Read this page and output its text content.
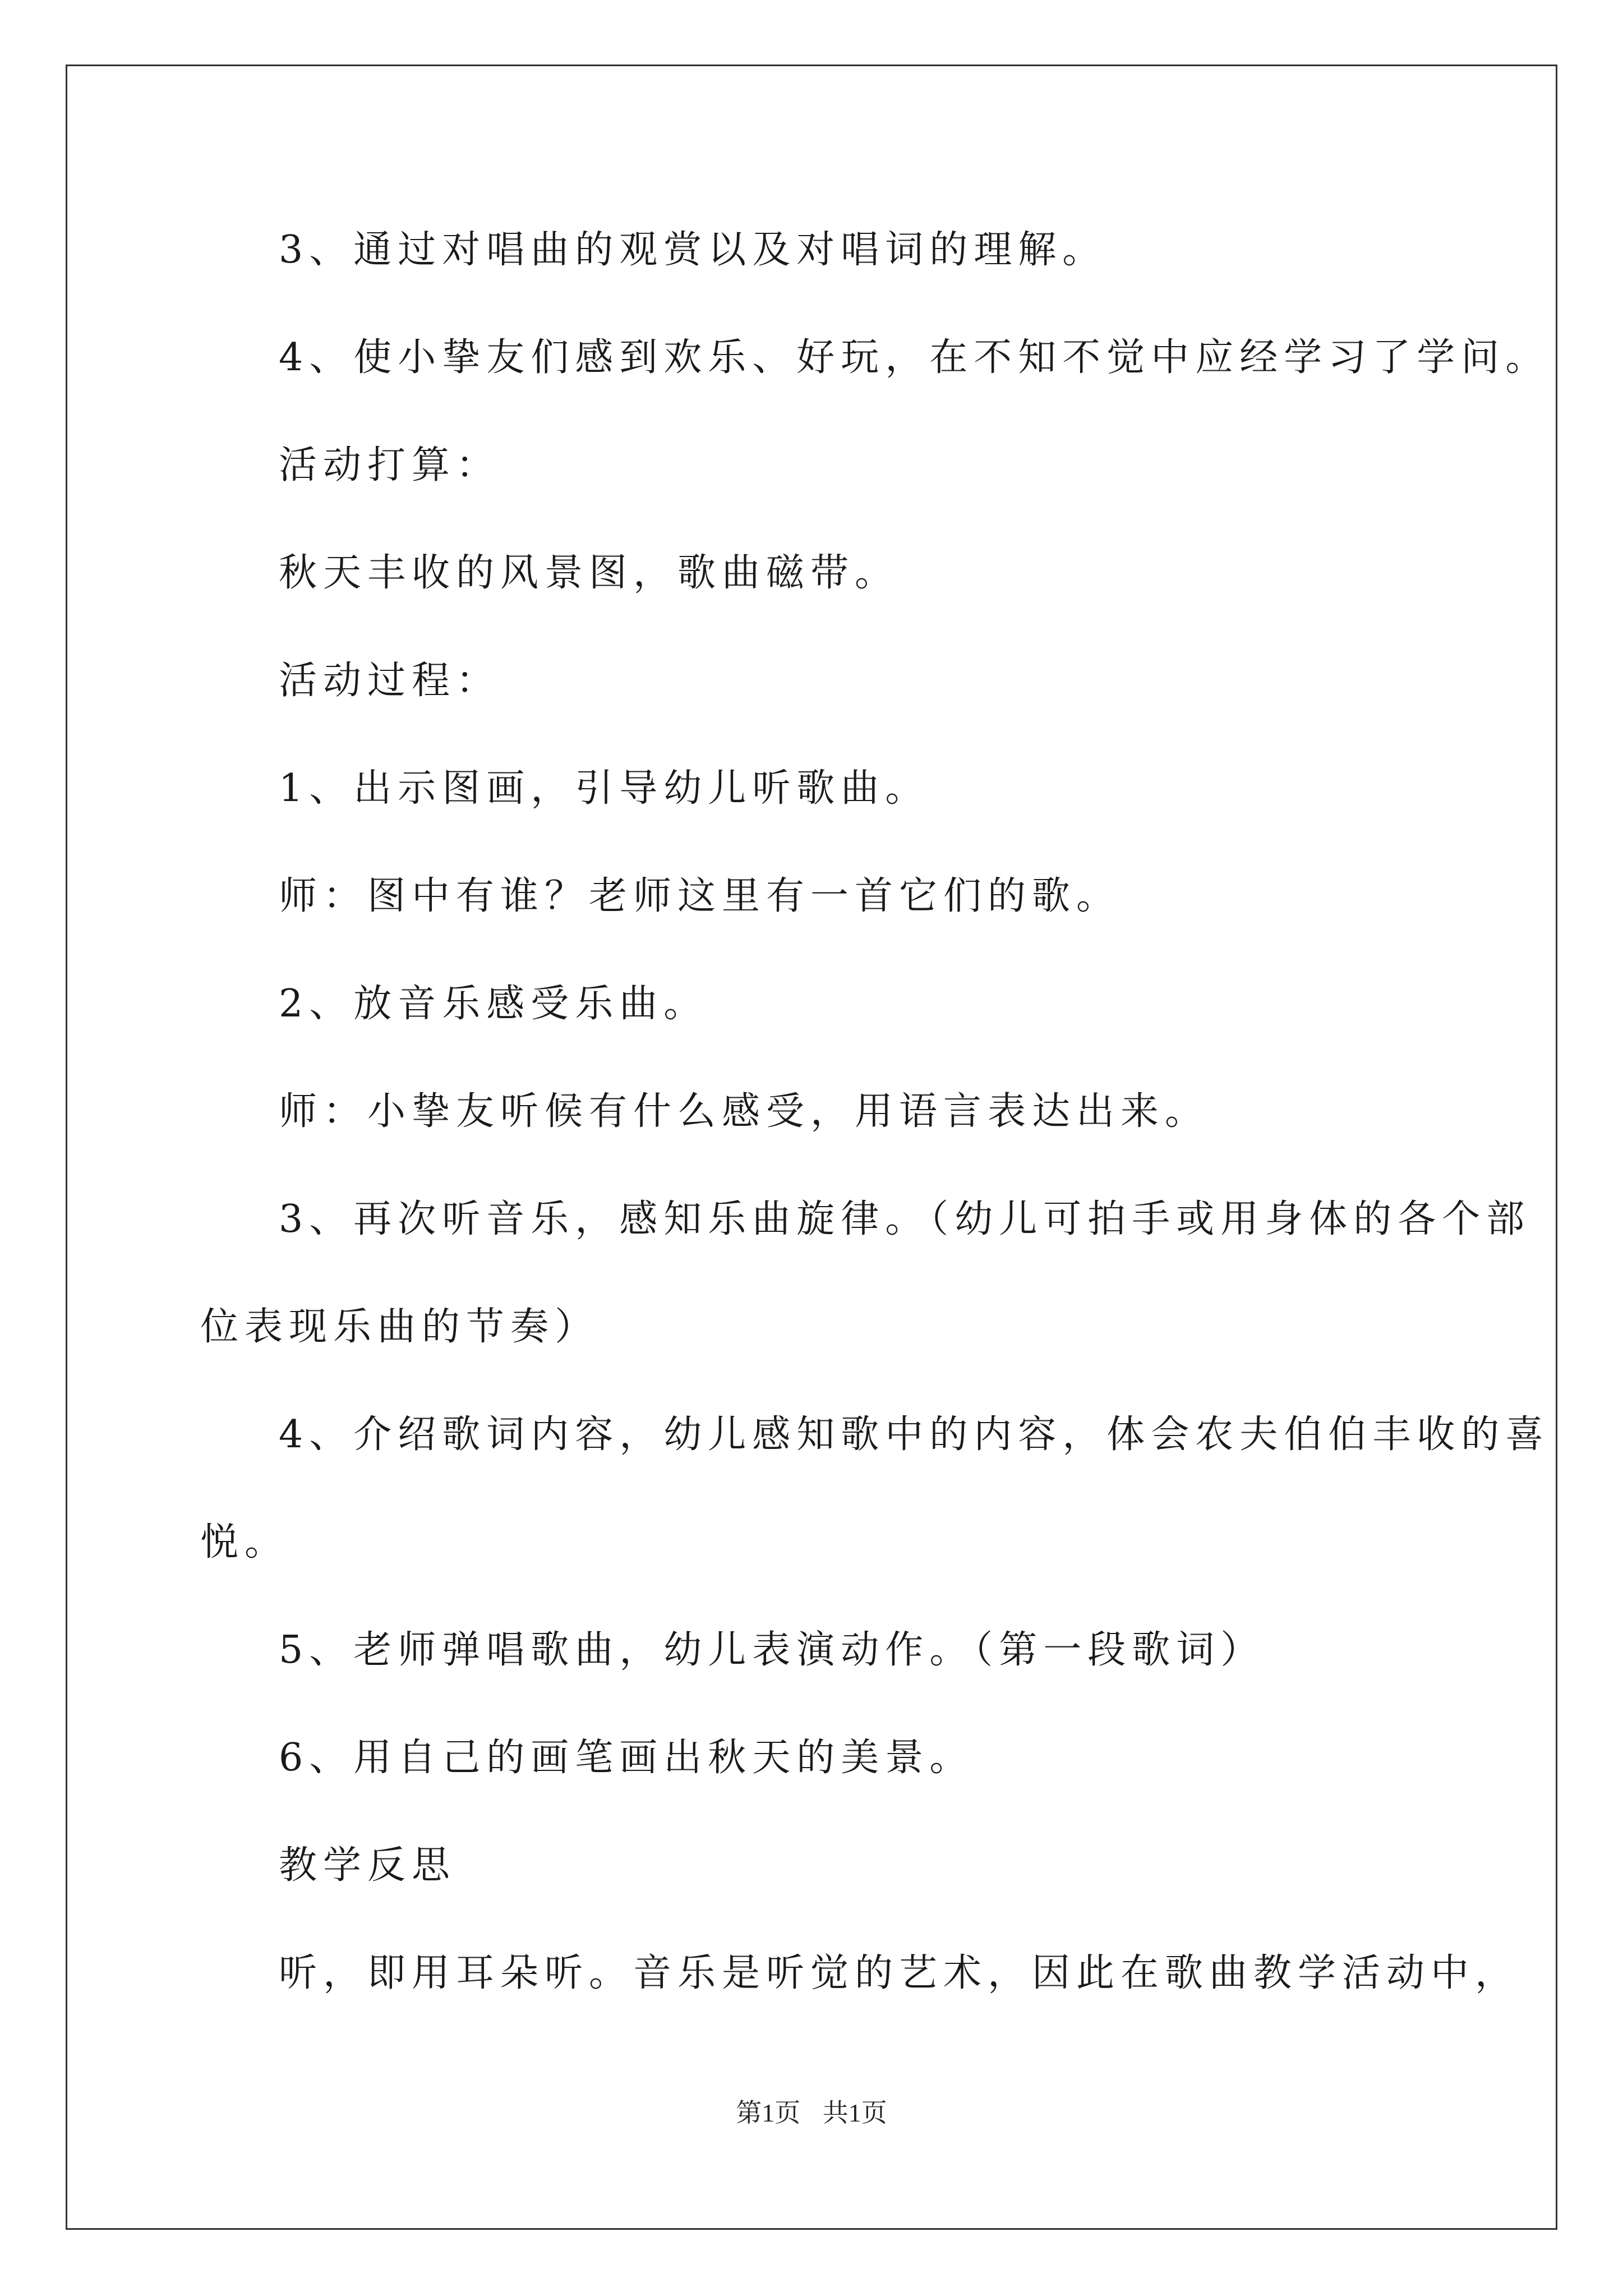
3、通过对唱曲的观赏以及对唱词的理解。
4、使小挚友们感到欢乐、好玩，在不知不觉中应经学习了学问。
活动打算：
秋天丰收的风景图，歌曲磁带。
活动过程：
1、出示图画，引导幼儿听歌曲。
师：图中有谁？老师这里有一首它们的歌。
2、放音乐感受乐曲。
师：小挚友听候有什么感受，用语言表达出来。
3、再次听音乐，感知乐曲旋律。（幼儿可拍手或用身体的各个部
位表现乐曲的节奏）
4、介绍歌词内容，幼儿感知歌中的内容，体会农夫伯伯丰收的喜
悦。
5、老师弹唱歌曲，幼儿表演动作。（第一段歌词）
6、用自己的画笔画出秋天的美景。
教学反思
听，即用耳朵听。音乐是听觉的艺术，因此在歌曲教学活动中，
第1页 共1页
